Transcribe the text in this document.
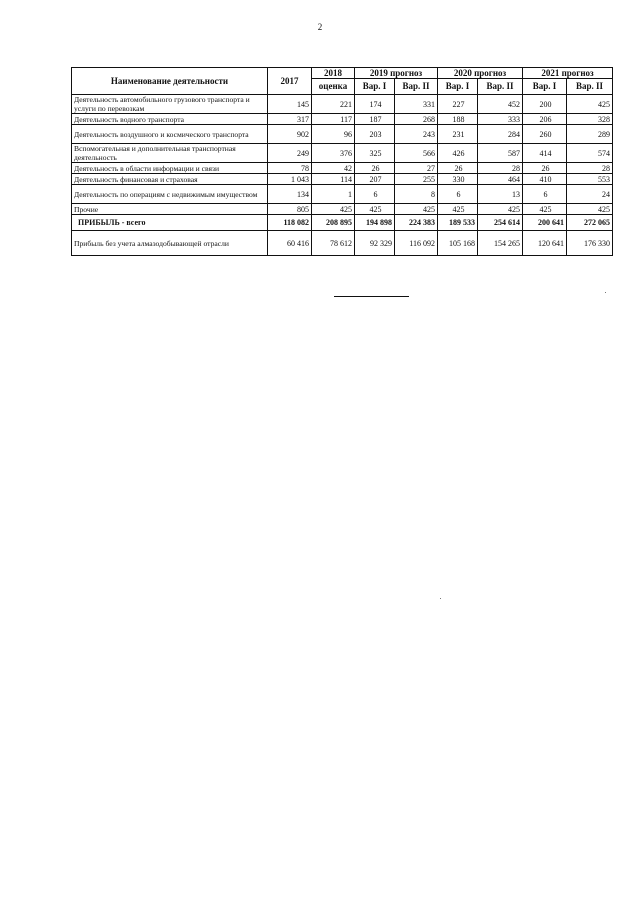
2
Наименование деятельности	2017	2018	2019 прогноз		2020 прогноз		2021 прогноз	
		оценка	Вар. I	Вар. II	Вар. I	Вар. II	Вар. I	Вар. II
Деятельность автомобильного грузового транспорта и услуги по перевозкам	145	221	174	331	227	452	200	425
Деятельность водного транспорта	317	117	187	268	188	333	206	328
Деятельность воздушного и космического транспорта	902	96	203	243	231	284	260	289
Вспомогательная и дополнительная транспортная деятельность	249	376	325	566	426	587	414	574
Деятельность в области информации и связи	78	42	26	27	26	28	26	28
Деятельность финансовая и страховая	1 043	114	207	255	330	464	410	553
Деятельность по операциям с недвижимым имуществом	134	1	6	8	6	13	6	24
Прочие	805	425	425	425	425	425	425	425
ПРИБЫЛЬ - всего	118 082	208 895	194 898	224 383	189 533	254 614	200 641	272 065
Прибыль без учета алмазодобывающей отрасли	60 416	78 612	92 329	116 092	105 168	154 265	120 641	176 330
